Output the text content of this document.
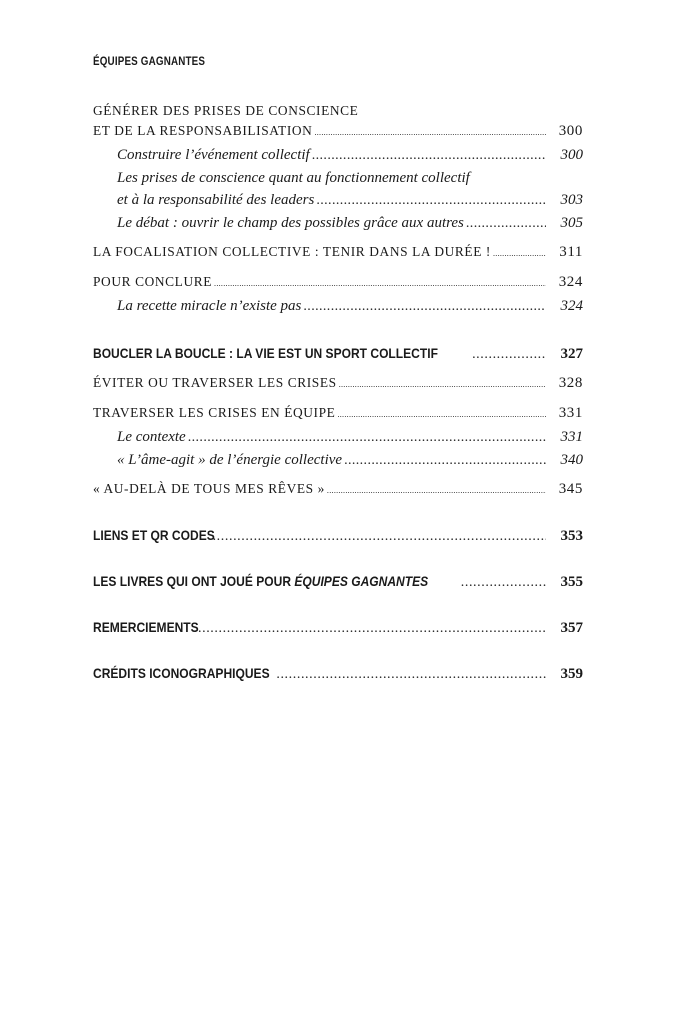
ÉQUIPES GAGNANTES
GÉNÉRER DES PRISES DE CONSCIENCE
ET DE LA RESPONSABILISATION .....	300
Construire l’événement collectif .....	300
Les prises de conscience quant au fonctionnement collectif
et à la responsabilité des leaders .....	303
Le débat : ouvrir le champ des possibles grâce aux autres .....	305
LA FOCALISATION COLLECTIVE : TENIR DANS LA DURÉE ! .....	311
POUR CONCLURE .....	324
La recette miracle n’existe pas .....	324
BOUCLER LA BOUCLE : LA VIE EST UN SPORT COLLECTIF .....	327
ÉVITER OU TRAVERSER LES CRISES .....	328
TRAVERSER LES CRISES EN ÉQUIPE .....	331
Le contexte .....	331
« L’âme-agit » de l’énergie collective .....	340
« AU-DELÀ DE TOUS MES RÊVES » .....	345
LIENS ET QR CODES .....	353
LES LIVRES QUI ONT JOUÉ POUR ÉQUIPES GAGNANTES .....	355
REMERCIEMENTS .....	357
CRÉDITS ICONOGRAPHIQUES .....	359
